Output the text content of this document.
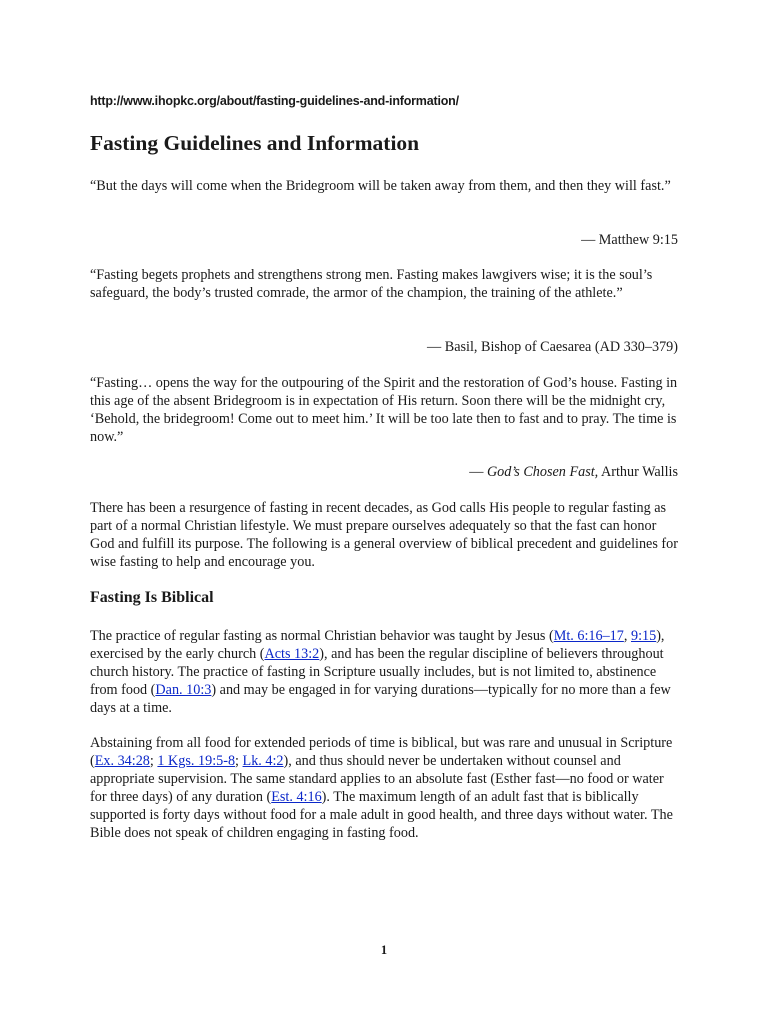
http://www.ihopkc.org/about/fasting-guidelines-and-information/
Fasting Guidelines and Information

“But the days will come when the Bridegroom will be taken away from them, and then they will fast.”

— Matthew 9:15

“Fasting begets prophets and strengthens strong men. Fasting makes lawgivers wise; it is the soul’s safeguard, the body’s trusted comrade, the armor of the champion, the training of the athlete.”

— Basil, Bishop of Caesarea (AD 330–379)

“Fasting… opens the way for the outpouring of the Spirit and the restoration of God’s house. Fasting in this age of the absent Bridegroom is in expectation of His return. Soon there will be the midnight cry, ‘Behold, the bridegroom! Come out to meet him.’ It will be too late then to fast and to pray. The time is now.”

— God’s Chosen Fast, Arthur Wallis

There has been a resurgence of fasting in recent decades, as God calls His people to regular fasting as part of a normal Christian lifestyle. We must prepare ourselves adequately so that the fast can honor God and fulfill its purpose. The following is a general overview of biblical precedent and guidelines for wise fasting to help and encourage you.

Fasting Is Biblical

The practice of regular fasting as normal Christian behavior was taught by Jesus (Mt. 6:16–17, 9:15), exercised by the early church (Acts 13:2), and has been the regular discipline of believers throughout church history. The practice of fasting in Scripture usually includes, but is not limited to, abstinence from food (Dan. 10:3) and may be engaged in for varying durations—typically for no more than a few days at a time.

Abstaining from all food for extended periods of time is biblical, but was rare and unusual in Scripture (Ex. 34:28; 1 Kgs. 19:5-8; Lk. 4:2), and thus should never be undertaken without counsel and appropriate supervision. The same standard applies to an absolute fast (Esther fast—no food or water for three days) of any duration (Est. 4:16). The maximum length of an adult fast that is biblically supported is forty days without food for a male adult in good health, and three days without water. The Bible does not speak of children engaging in fasting food.

1
